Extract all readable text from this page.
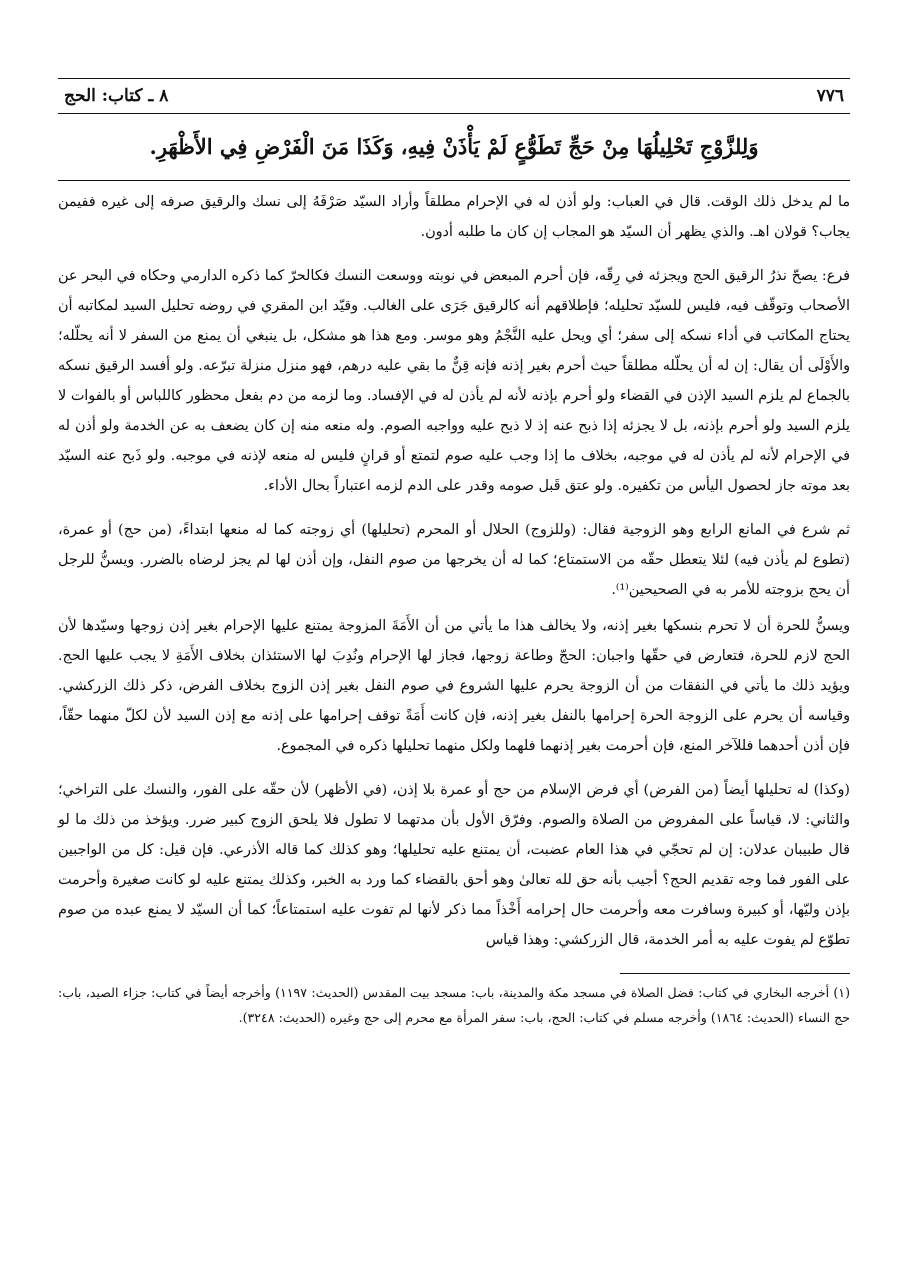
٧٧٦
٨ ـ كتاب: الحج
وَلِلزَّوْجِ تَحْلِيلُهَا مِنْ حَجِّ تَطَوُّعٍ لَمْ يَأْذَنْ فِيهِ، وَكَذَا مَنَ الْفَرْضِ فِي الأَظْهَرِ.

ما لم يدخل ذلك الوقت. قال في العباب: ولو أذن له في الإحرام مطلقاً وأراد السيّد صَرْفَهُ إلى نسك والرقيق صرفه إلى غيره ففيمن يجاب؟ قولان اهـ. والذي يظهر أن السيّد هو المجاب إن كان ما طلبه أدون.

فرع: يصحّ نذرُ الرقيق الحج ويجزئه في رِقّه، فإن أحرم المبعض في نوبته ووسعت النسك فكالحرّ كما ذكره الدارمي وحكاه في البحر عن الأصحاب وتوقّف فيه، فليس للسيّد تحليله؛ فإطلاقهم أنه كالرقيق جَرَى على الغالب. وقيّد ابن المقري في روضه تحليل السيد لمكاتبه أن يحتاج المكاتب في أداء نسكه إلى سفر؛ أي ويحل عليه النَّجْمُ وهو موسر. ومع هذا هو مشكل، بل ينبغي أن يمنع من السفر لا أنه يحلّله؛ والأَوْلَى أن يقال: إن له أن يحلّله مطلقاً حيث أحرم بغير إذنه فإنه قِنٌّ ما بقي عليه درهم، فهو منزل منزلة تبرّعه. ولو أفسد الرقيق نسكه بالجماع لم يلزم السيد الإذن في القضاء ولو أحرم بإذنه لأنه لم يأذن له في الإفساد. وما لزمه من دم بفعل محظور كاللباس أو بالفوات لا يلزم السيد ولو أحرم بإذنه، بل لا يجزئه إذا ذبح عنه إذ لا ذبح عليه وواجبه الصوم. وله منعه منه إن كان يضعف به عن الخدمة ولو أذن له في الإحرام لأنه لم يأذن له في موجبه، بخلاف ما إذا وجب عليه صوم لتمتع أو قرانٍ فليس له منعه لإذنه في موجبه. ولو ذَبح عنه السيّد بعد موته جاز لحصول اليأس من تكفيره. ولو عتق قَبل صومه وقدر على الدم لزمه اعتباراً بحال الأداء.

ثم شرع في المانع الرابع وهو الزوجية فقال: (وللزوج) الحلال أو المحرم (تحليلها) أي زوجته كما له منعها ابتداءً، (من حج) أو عمرة، (تطوع لم يأذن فيه) لئلا يتعطل حقّه من الاستمتاع؛ كما له أن يخرجها من صوم النفل، وإن أذن لها لم يجز لرضاه بالضرر. ويسنُّ للرجل أن يحج بزوجته للأمر به في الصحيحين⁽¹⁾.

ويسنُّ للحرة أن لا تحرم بنسكها بغير إذنه، ولا يخالف هذا ما يأتي من أن الأَمَةَ المزوجة يمتنع عليها الإحرام بغير إذن زوجها وسيّدها لأن الحج لازم للحرة، فتعارض في حقّها واجبان: الحجّ وطاعة زوجها، فجاز لها الإحرام ونُدِبَ لها الاستئذان بخلاف الأَمَةِ لا يجب عليها الحج. ويؤيد ذلك ما يأتي في النفقات من أن الزوجة يحرم عليها الشروع في صوم النفل بغير إذن الزوج بخلاف الفرض، ذكر ذلك الزركشي. وقياسه أن يحرم على الزوجة الحرة إحرامها بالنفل بغير إذنه، فإن كانت أَمَةً توقف إحرامها على إذنه مع إذن السيد لأن لكلّ منهما حقّاً، فإن أذن أحدهما فللآخر المنع، فإن أحرمت بغير إذنهما فلهما ولكل منهما تحليلها ذكره في المجموع.

(وكذا) له تحليلها أيضاً (من الفرض) أي فرض الإسلام من حج أو عمرة بلا إذن، (في الأظهر) لأن حقّه على الفور، والنسك على التراخي؛ والثاني: لا، قياساً على المفروض من الصلاة والصوم. وفرّق الأول بأن مدتهما لا تطول فلا يلحق الزوج كبير ضرر. ويؤخذ من ذلك ما لو قال طبيبان عدلان: إن لم تحجّي في هذا العام عضبت، أن يمتنع عليه تحليلها؛ وهو كذلك كما قاله الأذرعي. فإن قيل: كل من الواجبين على الفور فما وجه تقديم الحج؟ أجيب بأنه حق لله تعالىٰ وهو أحق بالقضاء كما ورد به الخبر، وكذلك يمتنع عليه لو كانت صغيرة وأحرمت بإذن وليّها، أو كبيرة وسافرت معه وأحرمت حال إحرامه أَخْذاً مما ذكر لأنها لم تفوت عليه استمتاعاً؛ كما أن السيّد لا يمنع عبده من صوم تطوّع لم يفوت عليه به أمر الخدمة، قال الزركشي: وهذا قياس

(١) أخرجه البخاري في كتاب: فضل الصلاة في مسجد مكة والمدينة، باب: مسجد بيت المقدس (الحديث: ١١٩٧) وأخرجه أيضاً في كتاب: جزاء الصيد، باب: حج النساء (الحديث: ١٨٦٤) وأخرجه مسلم في كتاب: الحج، باب: سفر المرأة مع محرم إلى حج وغيره (الحديث: ٣٢٤٨).
